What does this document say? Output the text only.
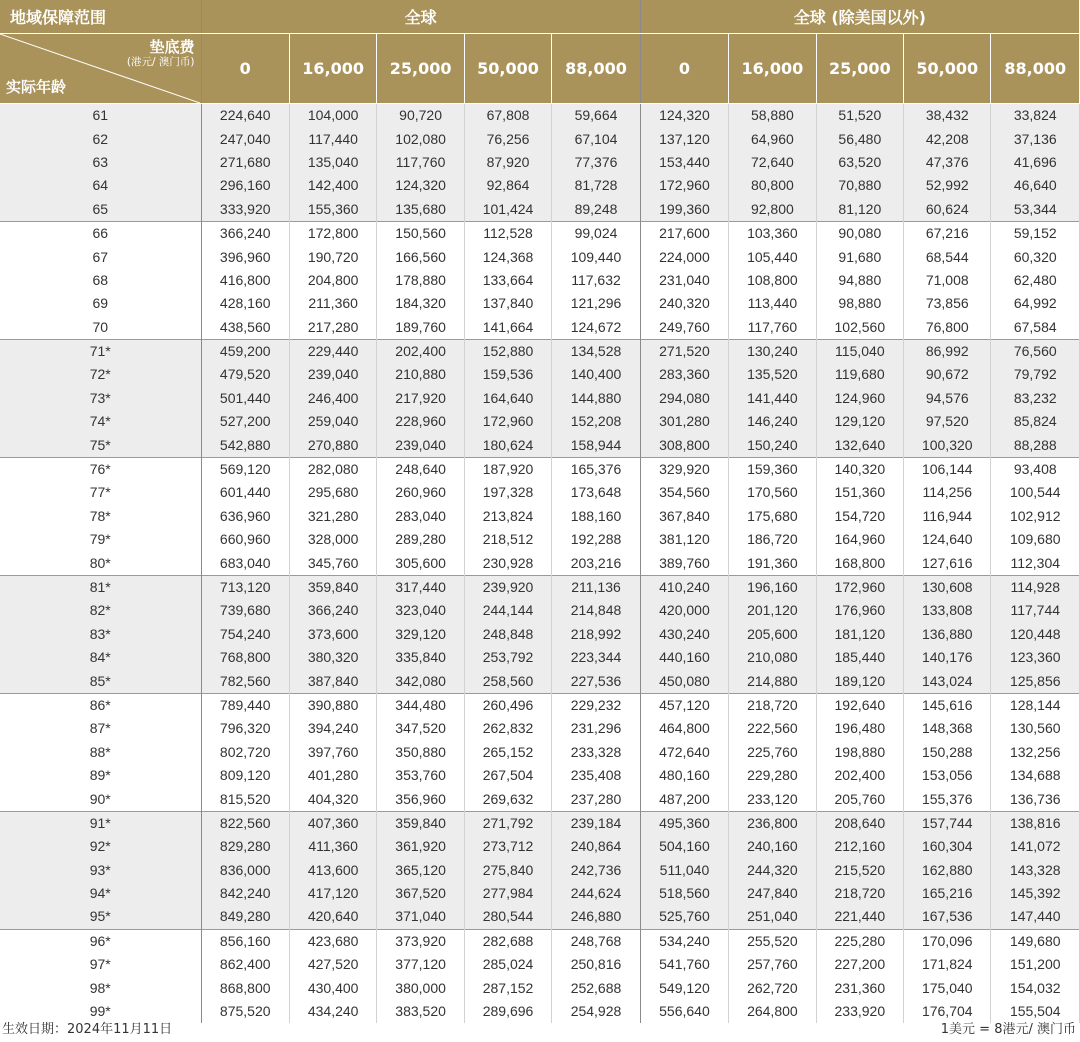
地域保障范围	全球					全球 (除美国以外)				

垫底费
(港元/ 澳门币)
实际年龄	0	16,000	25,000	50,000	88,000	0	16,000	25,000	50,000	88,000
61	224,640	104,000	90,720	67,808	59,664	124,320	58,880	51,520	38,432	33,824
62	247,040	117,440	102,080	76,256	67,104	137,120	64,960	56,480	42,208	37,136
63	271,680	135,040	117,760	87,920	77,376	153,440	72,640	63,520	47,376	41,696
64	296,160	142,400	124,320	92,864	81,728	172,960	80,800	70,880	52,992	46,640
65	333,920	155,360	135,680	101,424	89,248	199,360	92,800	81,120	60,624	53,344
66	366,240	172,800	150,560	112,528	99,024	217,600	103,360	90,080	67,216	59,152
67	396,960	190,720	166,560	124,368	109,440	224,000	105,440	91,680	68,544	60,320
68	416,800	204,800	178,880	133,664	117,632	231,040	108,800	94,880	71,008	62,480
69	428,160	211,360	184,320	137,840	121,296	240,320	113,440	98,880	73,856	64,992
70	438,560	217,280	189,760	141,664	124,672	249,760	117,760	102,560	76,800	67,584
71*	459,200	229,440	202,400	152,880	134,528	271,520	130,240	115,040	86,992	76,560
72*	479,520	239,040	210,880	159,536	140,400	283,360	135,520	119,680	90,672	79,792
73*	501,440	246,400	217,920	164,640	144,880	294,080	141,440	124,960	94,576	83,232
74*	527,200	259,040	228,960	172,960	152,208	301,280	146,240	129,120	97,520	85,824
75*	542,880	270,880	239,040	180,624	158,944	308,800	150,240	132,640	100,320	88,288
76*	569,120	282,080	248,640	187,920	165,376	329,920	159,360	140,320	106,144	93,408
77*	601,440	295,680	260,960	197,328	173,648	354,560	170,560	151,360	114,256	100,544
78*	636,960	321,280	283,040	213,824	188,160	367,840	175,680	154,720	116,944	102,912
79*	660,960	328,000	289,280	218,512	192,288	381,120	186,720	164,960	124,640	109,680
80*	683,040	345,760	305,600	230,928	203,216	389,760	191,360	168,800	127,616	112,304
81*	713,120	359,840	317,440	239,920	211,136	410,240	196,160	172,960	130,608	114,928
82*	739,680	366,240	323,040	244,144	214,848	420,000	201,120	176,960	133,808	117,744
83*	754,240	373,600	329,120	248,848	218,992	430,240	205,600	181,120	136,880	120,448
84*	768,800	380,320	335,840	253,792	223,344	440,160	210,080	185,440	140,176	123,360
85*	782,560	387,840	342,080	258,560	227,536	450,080	214,880	189,120	143,024	125,856
86*	789,440	390,880	344,480	260,496	229,232	457,120	218,720	192,640	145,616	128,144
87*	796,320	394,240	347,520	262,832	231,296	464,800	222,560	196,480	148,368	130,560
88*	802,720	397,760	350,880	265,152	233,328	472,640	225,760	198,880	150,288	132,256
89*	809,120	401,280	353,760	267,504	235,408	480,160	229,280	202,400	153,056	134,688
90*	815,520	404,320	356,960	269,632	237,280	487,200	233,120	205,760	155,376	136,736
91*	822,560	407,360	359,840	271,792	239,184	495,360	236,800	208,640	157,744	138,816
92*	829,280	411,360	361,920	273,712	240,864	504,160	240,160	212,160	160,304	141,072
93*	836,000	413,600	365,120	275,840	242,736	511,040	244,320	215,520	162,880	143,328
94*	842,240	417,120	367,520	277,984	244,624	518,560	247,840	218,720	165,216	145,392
95*	849,280	420,640	371,040	280,544	246,880	525,760	251,040	221,440	167,536	147,440
96*	856,160	423,680	373,920	282,688	248,768	534,240	255,520	225,280	170,096	149,680
97*	862,400	427,520	377,120	285,024	250,816	541,760	257,760	227,200	171,824	151,200
98*	868,800	430,400	380,000	287,152	252,688	549,120	262,720	231,360	175,040	154,032
99*	875,520	434,240	383,520	289,696	254,928	556,640	264,800	233,920	176,704	155,504
生效日期：2024年11月11日	1美元 = 8港元/ 澳门币
